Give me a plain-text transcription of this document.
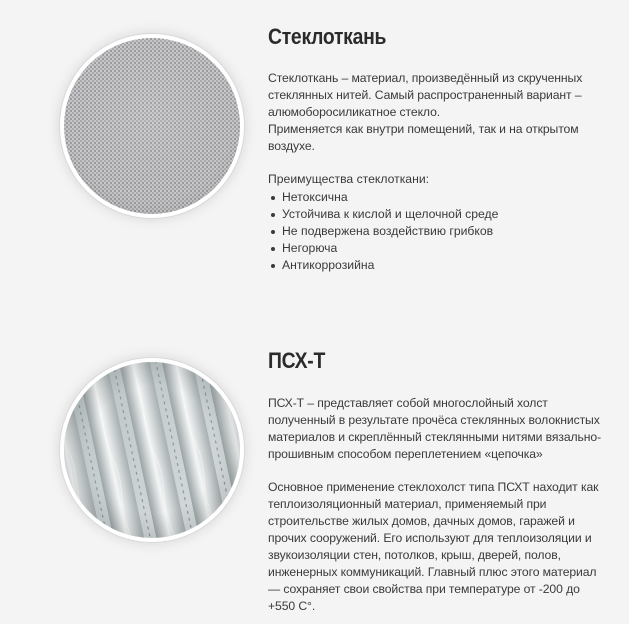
Стеклоткань

Стеклоткань – материал, произведённый из скрученных стеклянных нитей. Самый распространенный вариант – алюмоборосиликатное стекло.

Применяется как внутри помещений, так и на открытом воздухе.

Преимущества стеклоткани:

Нетоксична
Устойчива к кислой и щелочной среде
Не подвержена воздействию грибков
Негорюча
Антикоррозийна
ПСХ-Т

ПСХ-Т – представляет собой многослойный холст полученный в результате прочёса стеклянных волокнистых материалов и скреплённый стеклянными нитями вязально-прошивным способом переплетением «цепочка»

Основное применение стеклохолст типа ПСХТ находит как теплоизоляционный материал, применяемый при строительстве жилых домов, дачных домов, гаражей и прочих сооружений. Его используют для теплоизоляции и звукоизоляции стен, потолков, крыш, дверей, полов, инженерных коммуникаций. Главный плюс этого материал — сохраняет свои свойства при температуре от -200 до +550 С°.
